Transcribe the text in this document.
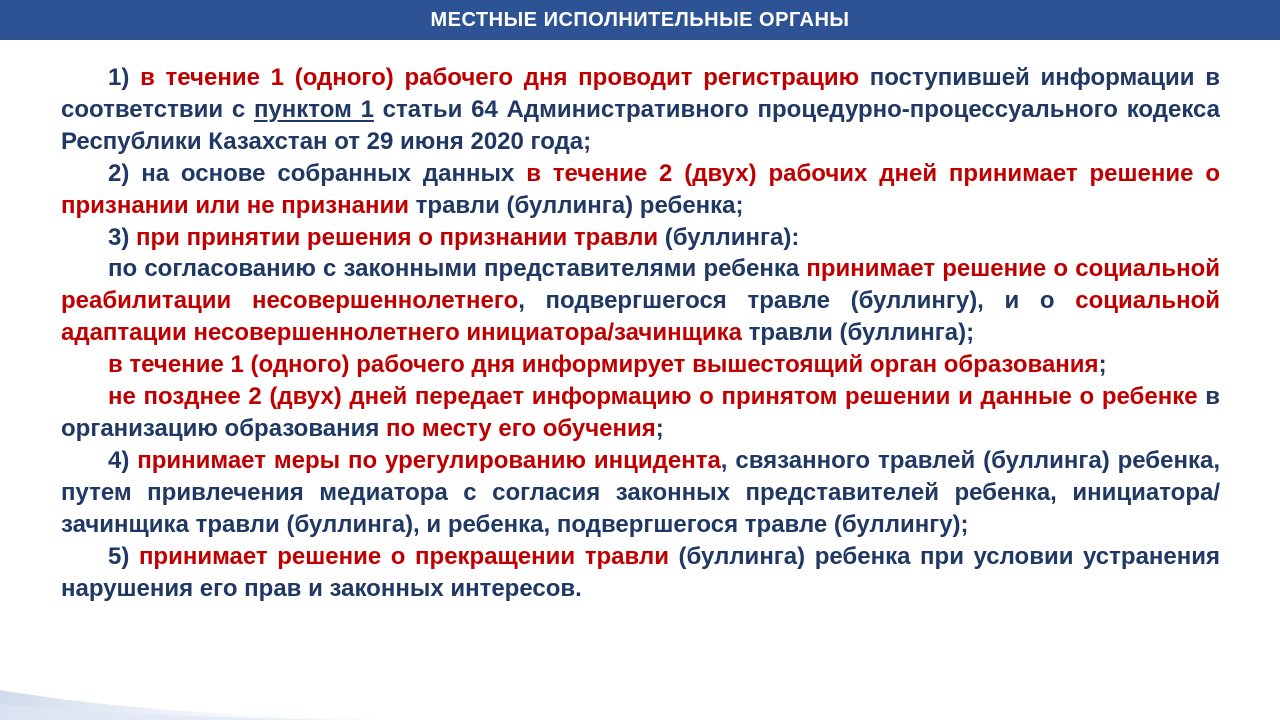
МЕСТНЫЕ ИСПОЛНИТЕЛЬНЫЕ ОРГАНЫ

1) в течение 1 (одного) рабочего дня проводит регистрацию поступившей информации в соответствии с пунктом 1 статьи 64 Административного процедурно-процессуального кодекса Республики Казахстан от 29 июня 2020 года;

2) на основе собранных данных в течение 2 (двух) рабочих дней принимает решение о признании или не признании травли (буллинга) ребенка;

3) при принятии решения о признании травли (буллинга):

по согласованию с законными представителями ребенка принимает решение о социальной реабилитации несовершеннолетнего, подвергшегося травле (буллингу), и о социальной адаптации несовершеннолетнего инициатора/зачинщика травли (буллинга);

в течение 1 (одного) рабочего дня информирует вышестоящий орган образования;

не позднее 2 (двух) дней передает информацию о принятом решении и данные о ребенке в организацию образования по месту его обучения;

4) принимает меры по урегулированию инцидента, связанного травлей (буллинга) ребенка, путем привлечения медиатора с согласия законных представителей ребенка, инициатора/зачинщика травли (буллинга), и ребенка, подвергшегося травле (буллингу);

5) принимает решение о прекращении травли (буллинга) ребенка при условии устранения нарушения его прав и законных интересов.
